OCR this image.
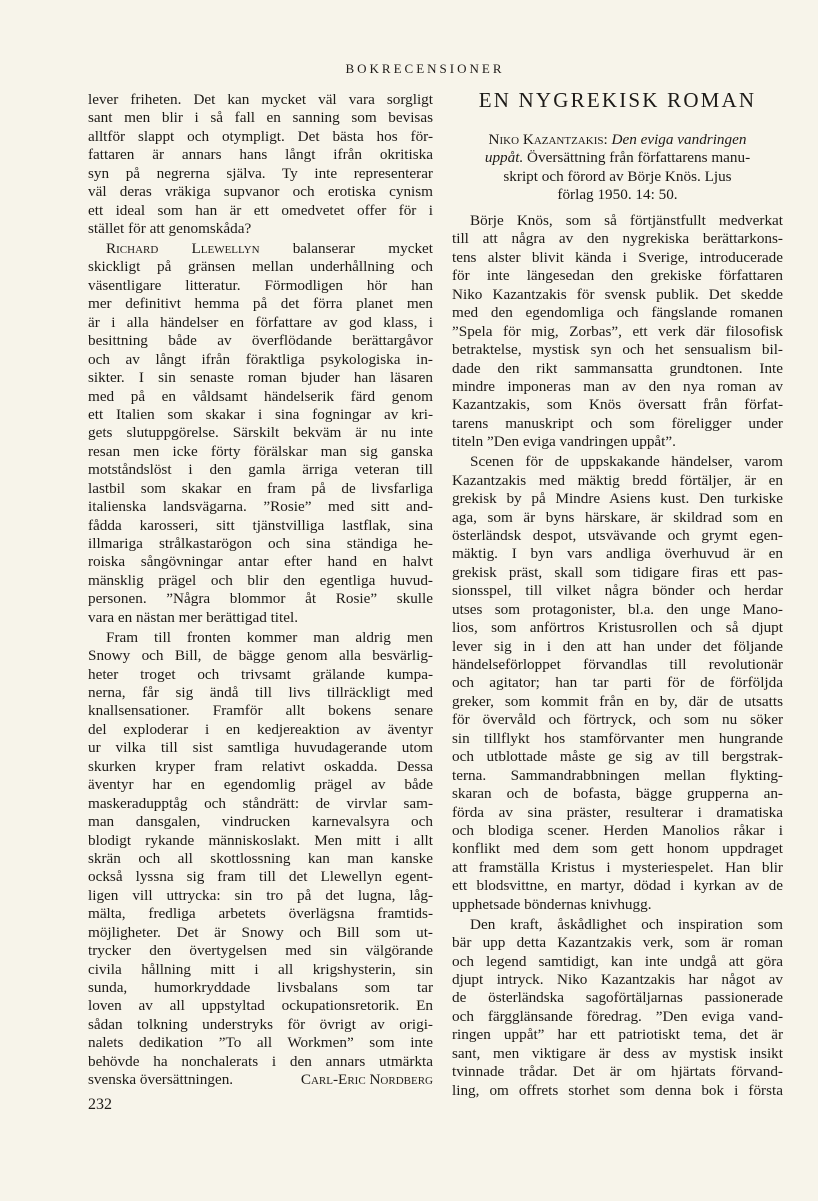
BOKRECENSIONER
lever friheten. Det kan mycket väl vara sorgligt
sant men blir i så fall en sanning som bevisas
alltför slappt och otympligt. Det bästa hos för-
fattaren är annars hans långt ifrån okritiska
syn på negrerna själva. Ty inte representerar
väl deras vräkiga supvanor och erotiska cynism
ett ideal som han är ett omedvetet offer för i
stället för att genomskåda?
Richard Llewellyn balanserar mycket
skickligt på gränsen mellan underhållning och
väsentligare litteratur. Förmodligen hör han
mer definitivt hemma på det förra planet men
är i alla händelser en författare av god klass, i
besittning både av överflödande berättargåvor
och av långt ifrån föraktliga psykologiska in-
sikter. I sin senaste roman bjuder han läsaren
med på en våldsamt händelserik färd genom
ett Italien som skakar i sina fogningar av kri-
gets slutuppgörelse. Särskilt bekväm är nu inte
resan men icke förty förälskar man sig ganska
motståndslöst i den gamla ärriga veteran till
lastbil som skakar en fram på de livsfarliga
italienska landsvägarna. ”Rosie” med sitt and-
fådda karosseri, sitt tjänstvilliga lastflak, sina
illmariga strålkastarögon och sina ständiga he-
roiska sångövningar antar efter hand en halvt
mänsklig prägel och blir den egentliga huvud-
personen. ”Några blommor åt Rosie” skulle
vara en nästan mer berättigad titel.
Fram till fronten kommer man aldrig men
Snowy och Bill, de bägge genom alla besvärlig-
heter troget och trivsamt grälande kumpa-
nerna, får sig ändå till livs tillräckligt med
knallsensationer. Framför allt bokens senare
del exploderar i en kedjereaktion av äventyr
ur vilka till sist samtliga huvudagerande utom
skurken kryper fram relativt oskadda. Dessa
äventyr har en egendomlig prägel av både
maskeradupptåg och ståndrätt: de virvlar sam-
man dansgalen, vindrucken karnevalsyra och
blodigt rykande människoslakt. Men mitt i allt
skrän och all skottlossning kan man kanske
också lyssna sig fram till det Llewellyn egent-
ligen vill uttrycka: sin tro på det lugna, låg-
mälta, fredliga arbetets överlägsna framtids-
möjligheter. Det är Snowy och Bill som ut-
trycker den övertygelsen med sin välgörande
civila hållning mitt i all krigshysterin, sin
sunda, humorkryddade livsbalans som tar
loven av all uppstyltad ockupationsretorik. En
sådan tolkning understryks för övrigt av origi-
nalets dedikation ”To all Workmen” som inte
behövde ha nonchalerats i den annars utmärkta
svenska översättningen.	Carl-Eric Nordberg
EN NYGREKISK ROMAN
Niko Kazantzakis: Den eviga vandringen
uppåt. Översättning från författarens manu-
skript och förord av Börje Knös. Ljus
förlag 1950. 14: 50.
Börje Knös, som så förtjänstfullt medverkat
till att några av den nygrekiska berättarkons-
tens alster blivit kända i Sverige, introducerade
för inte längesedan den grekiske författaren
Niko Kazantzakis för svensk publik. Det skedde
med den egendomliga och fängslande romanen
”Spela för mig, Zorbas”, ett verk där filosofisk
betraktelse, mystisk syn och het sensualism bil-
dade den rikt sammansatta grundtonen. Inte
mindre imponeras man av den nya roman av
Kazantzakis, som Knös översatt från förfat-
tarens manuskript och som föreligger under
titeln ”Den eviga vandringen uppåt”.
Scenen för de uppskakande händelser, varom
Kazantzakis med mäktig bredd förtäljer, är en
grekisk by på Mindre Asiens kust. Den turkiske
aga, som är byns härskare, är skildrad som en
österländsk despot, utsvävande och grymt egen-
mäktig. I byn vars andliga överhuvud är en
grekisk präst, skall som tidigare firas ett pas-
sionsspel, till vilket några bönder och herdar
utses som protagonister, bl.a. den unge Mano-
lios, som anförtros Kristusrollen och så djupt
lever sig in i den att han under det följande
händelseförloppet förvandlas till revolutionär
och agitator; han tar parti för de förföljda
greker, som kommit från en by, där de utsatts
för övervåld och förtryck, och som nu söker
sin tillflykt hos stamförvanter men hungrande
och utblottade måste ge sig av till bergstrak-
terna. Sammandrabbningen mellan flykting-
skaran och de bofasta, bägge grupperna an-
förda av sina präster, resulterar i dramatiska
och blodiga scener. Herden Manolios råkar i
konflikt med dem som gett honom uppdraget
att framställa Kristus i mysteriespelet. Han blir
ett blodsvittne, en martyr, dödad i kyrkan av de
upphetsade böndernas knivhugg.
Den kraft, åskådlighet och inspiration som
bär upp detta Kazantzakis verk, som är roman
och legend samtidigt, kan inte undgå att göra
djupt intryck. Niko Kazantzakis har något av
de österländska sagoförtäljarnas passionerade
och färgglänsande föredrag. ”Den eviga vand-
ringen uppåt” har ett patriotiskt tema, det är
sant, men viktigare är dess av mystisk insikt
tvinnade trådar. Det är om hjärtats förvand-
ling, om offrets storhet som denna bok i första
232
